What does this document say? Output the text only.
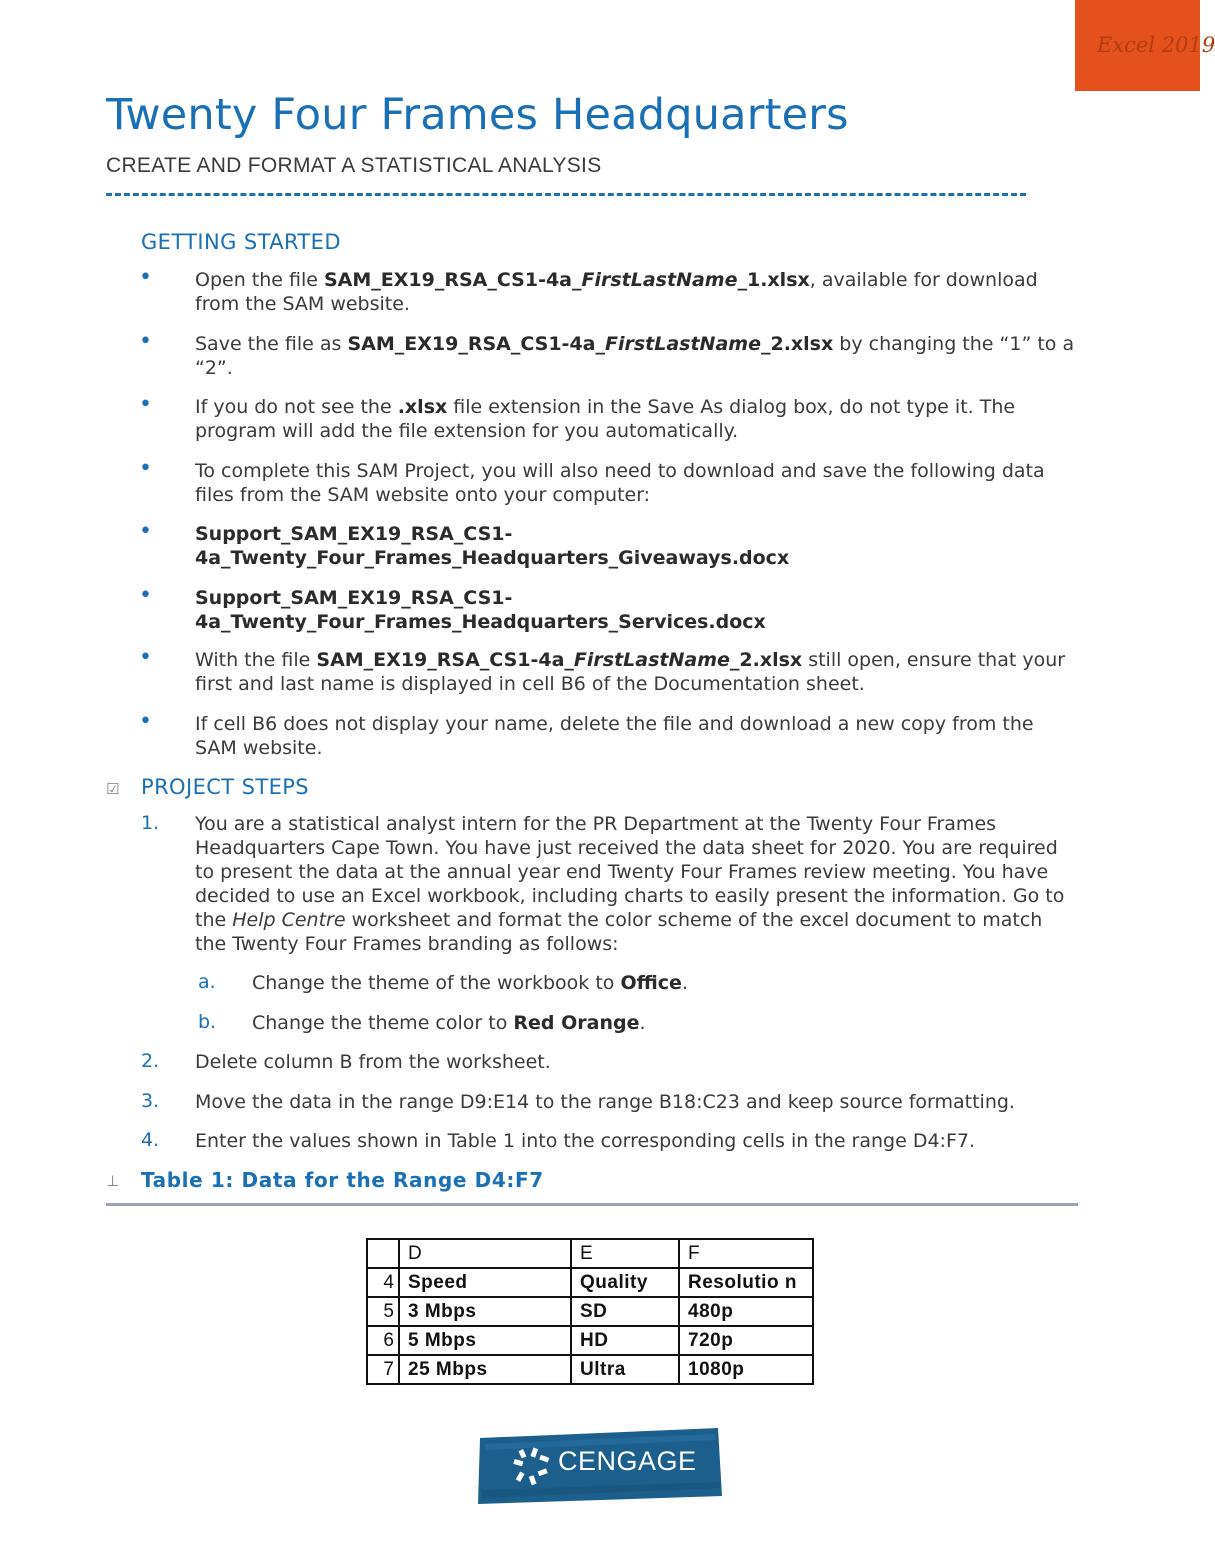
Excel 2019
Twenty Four Frames Headquarters
CREATE AND FORMAT A STATISTICAL ANALYSIS
GETTING STARTED
• Open the file SAM_EX19_RSA_CS1-4a_FirstLastName_1.xlsx, available for download from the SAM website.
• Save the file as SAM_EX19_RSA_CS1-4a_FirstLastName_2.xlsx by changing the “1” to a “2”.
• If you do not see the .xlsx file extension in the Save As dialog box, do not type it. The program will add the file extension for you automatically.
• To complete this SAM Project, you will also need to download and save the following data files from the SAM website onto your computer:
• Support_SAM_EX19_RSA_CS1-
4a_Twenty_Four_Frames_Headquarters_Giveaways.docx
• Support_SAM_EX19_RSA_CS1-
4a_Twenty_Four_Frames_Headquarters_Services.docx
• With the file SAM_EX19_RSA_CS1-4a_FirstLastName_2.xlsx still open, ensure that your first and last name is displayed in cell B6 of the Documentation sheet.
• If cell B6 does not display your name, delete the file and download a new copy from the SAM website.
☑ PROJECT STEPS
1. You are a statistical analyst intern for the PR Department at the Twenty Four Frames Headquarters Cape Town. You have just received the data sheet for 2020. You are required to present the data at the annual year end Twenty Four Frames review meeting. You have decided to use an Excel workbook, including charts to easily present the information. Go to the Help Centre worksheet and format the color scheme of the excel document to match the Twenty Four Frames branding as follows:
a. Change the theme of the workbook to Office.
b. Change the theme color to Red Orange.
2. Delete column B from the worksheet.
3. Move the data in the range D9:E14 to the range B18:C23 and keep source formatting.
4. Enter the values shown in Table 1 into the corresponding cells in the range D4:F7.
⊥ Table 1: Data for the Range D4:F7
	D	E	F
4	Speed	Quality	Resolutio n
5	3 Mbps	SD	480p
6	5 Mbps	HD	720p
7	25 Mbps	Ultra	1080p
CENGAGE
